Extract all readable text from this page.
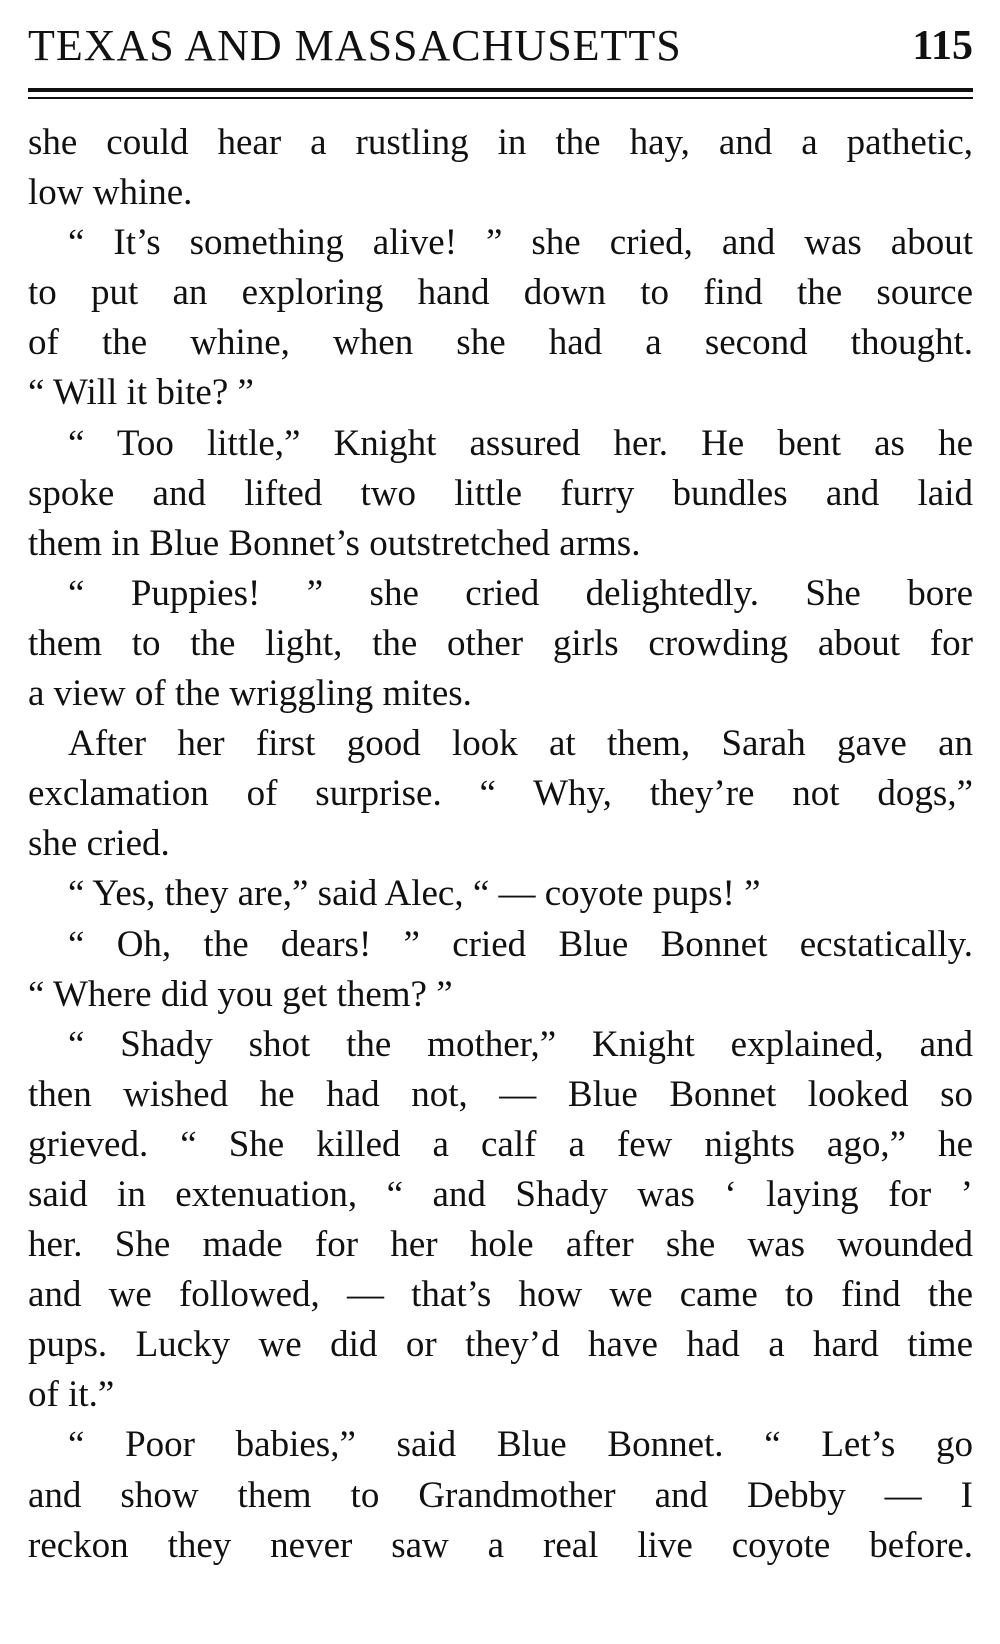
TEXAS AND MASSACHUSETTS	115
she could hear a rustling in the hay, and a pathetic,
low whine.
“ It’s something alive! ” she cried, and was about
to put an exploring hand down to find the source
of the whine, when she had a second thought.
“ Will it bite? ”
“ Too little,” Knight assured her. He bent as he
spoke and lifted two little furry bundles and laid
them in Blue Bonnet’s outstretched arms.
“ Puppies! ” she cried delightedly. She bore
them to the light, the other girls crowding about for
a view of the wriggling mites.
After her first good look at them, Sarah gave an
exclamation of surprise. “ Why, they’re not dogs,”
she cried.
“ Yes, they are,” said Alec, “ — coyote pups! ”
“ Oh, the dears! ” cried Blue Bonnet ecstatically.
“ Where did you get them? ”
“ Shady shot the mother,” Knight explained, and
then wished he had not, — Blue Bonnet looked so
grieved. “ She killed a calf a few nights ago,” he
said in extenuation, “ and Shady was ‘ laying for ’
her. She made for her hole after she was wounded
and we followed, — that’s how we came to find the
pups. Lucky we did or they’d have had a hard time
of it.”
“ Poor babies,” said Blue Bonnet. “ Let’s go
and show them to Grandmother and Debby — I
reckon they never saw a real live coyote before.
